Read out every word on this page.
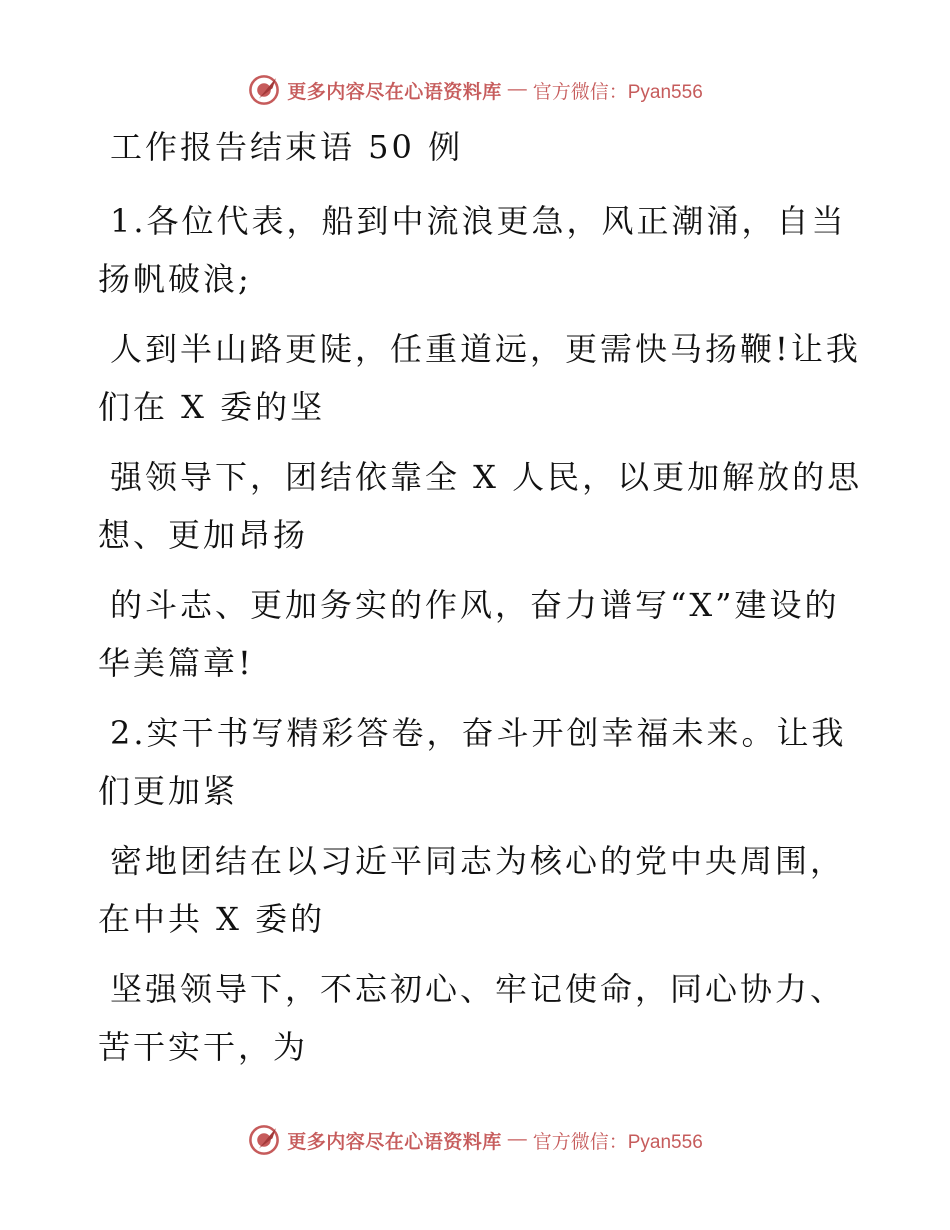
更多内容尽在心语资料库 — 官方微信：Pyan556
工作报告结束语 50 例
1.各位代表，船到中流浪更急，风正潮涌，自当
扬帆破浪;
人到半山路更陡，任重道远，更需快马扬鞭!让我
们在 X 委的坚
强领导下，团结依靠全 X 人民，以更加解放的思
想、更加昂扬
的斗志、更加务实的作风，奋力谱写“X”建设的
华美篇章!
2.实干书写精彩答卷，奋斗开创幸福未来。让我
们更加紧
密地团结在以习近平同志为核心的党中央周围，
在中共 X 委的
坚强领导下，不忘初心、牢记使命，同心协力、
苦干实干，为
更多内容尽在心语资料库 — 官方微信：Pyan556
